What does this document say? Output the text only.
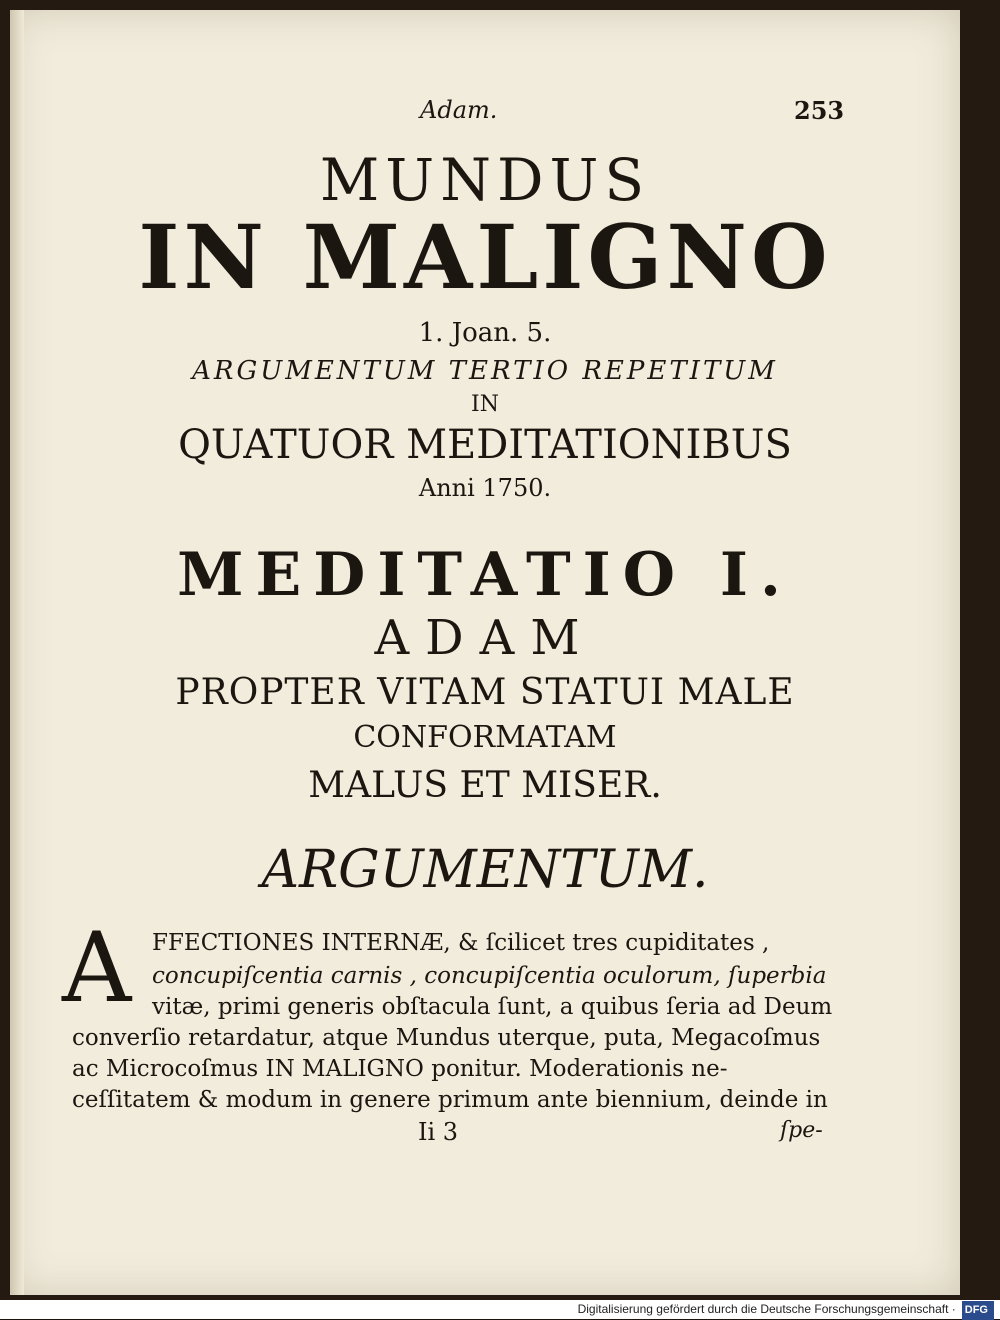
Adam.	253
MUNDUS
IN MALIGNO
1. Joan. 5.
ARGUMENTUM TERTIO REPETITUM
IN
QUATUOR MEDITATIONIBUS
Anni 1750.
MEDITATIO I.
ADAM
PROPTER VITAM STATUI MALE
CONFORMATAM
MALUS ET MISER.
ARGUMENTUM.
A FFECTIONES INTERNÆ, & ſcilicet tres cupiditates ,
concupiſcentia carnis , concupiſcentia oculorum, ſuperbia
vitæ, primi generis obſtacula ſunt, a quibus ſeria ad Deum
converſio retardatur, atque Mundus uterque, puta, Megacoſmus
ac Microcoſmus IN MALIGNO ponitur. Moderationis ne-
ceſſitatem & modum in genere primum ante biennium, deinde in
Ii 3	ſpe-
Digitalisierung gefördert durch die Deutsche Forschungsgemeinschaft · DFG
